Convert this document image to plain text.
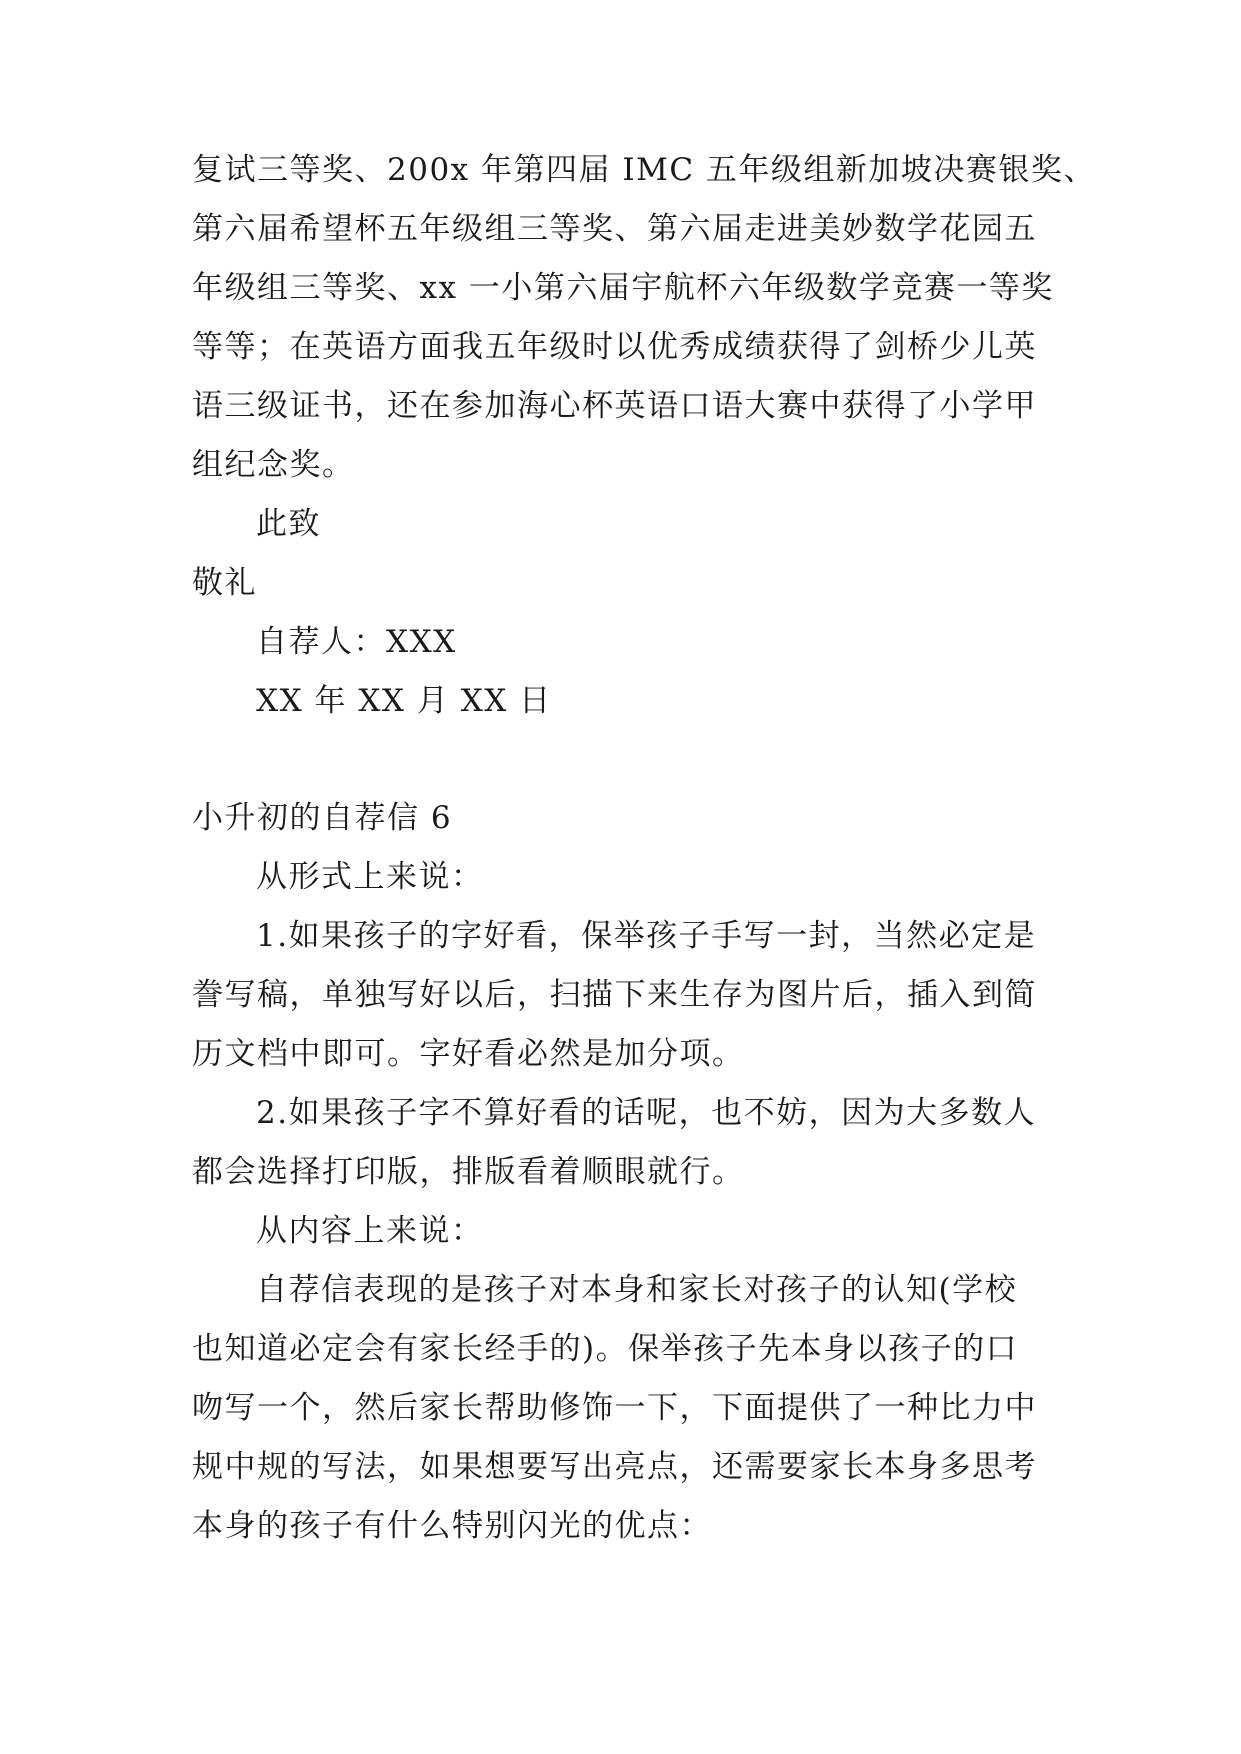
复试三等奖、200x 年第四届 IMC 五年级组新加坡决赛银奖、
第六届希望杯五年级组三等奖、第六届走进美妙数学花园五
年级组三等奖、xx 一小第六届宇航杯六年级数学竞赛一等奖
等等；在英语方面我五年级时以优秀成绩获得了剑桥少儿英
语三级证书，还在参加海心杯英语口语大赛中获得了小学甲
组纪念奖。
此致
敬礼
自荐人：XXX
XX 年 XX 月 XX 日
小升初的自荐信 6
从形式上来说：
1.如果孩子的字好看，保举孩子手写一封，当然必定是
誊写稿，单独写好以后，扫描下来生存为图片后，插入到简
历文档中即可。字好看必然是加分项。
2.如果孩子字不算好看的话呢，也不妨，因为大多数人
都会选择打印版，排版看着顺眼就行。
从内容上来说：
自荐信表现的是孩子对本身和家长对孩子的认知(学校
也知道必定会有家长经手的)。保举孩子先本身以孩子的口
吻写一个，然后家长帮助修饰一下，下面提供了一种比力中
规中规的写法，如果想要写出亮点，还需要家长本身多思考
本身的孩子有什么特别闪光的优点：
